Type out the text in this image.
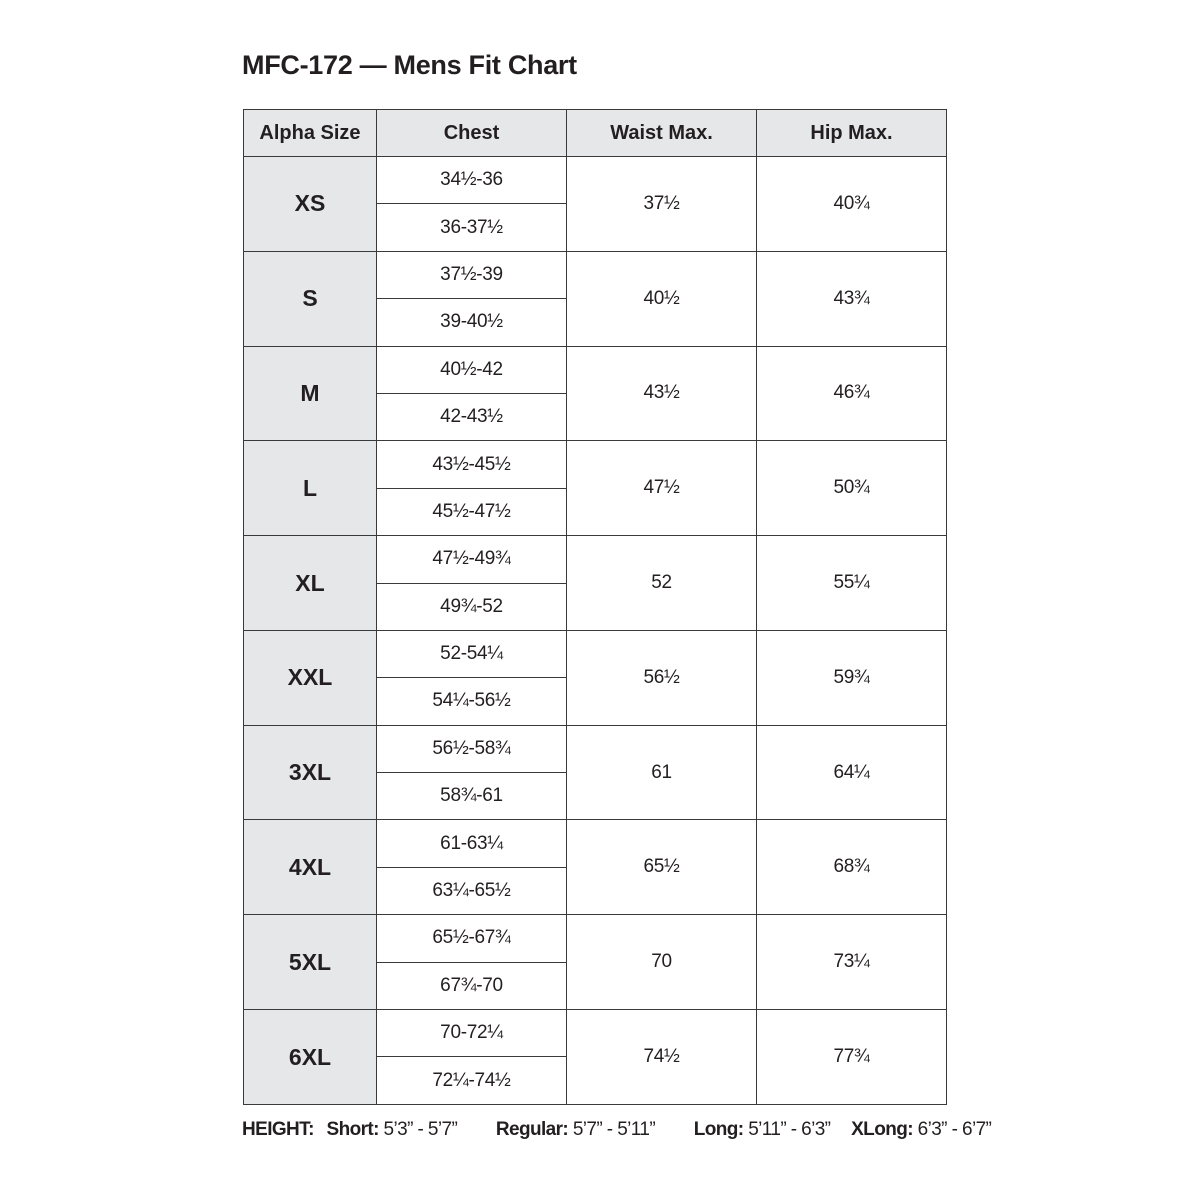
MFC-172 — Mens Fit Chart
Alpha Size	Chest	Waist Max.	Hip Max.
XS	34½-36	37½	40¾
	36-37½		
S	37½-39	40½	43¾
	39-40½		
M	40½-42	43½	46¾
	42-43½		
L	43½-45½	47½	50¾
	45½-47½		
XL	47½-49¾	52	55¼
	49¾-52		
XXL	52-54¼	56½	59¾
	54¼-56½		
3XL	56½-58¾	61	64¼
	58¾-61		
4XL	61-63¼	65½	68¾
	63¼-65½		
5XL	65½-67¾	70	73¼
	67¾-70		
6XL	70-72¼	74½	77¾
	72¼-74½		
HEIGHT: Short: 5’3” - 5’7” Regular: 5’7” - 5’11” Long: 5’11” - 6’3” XLong: 6’3” - 6’7”
